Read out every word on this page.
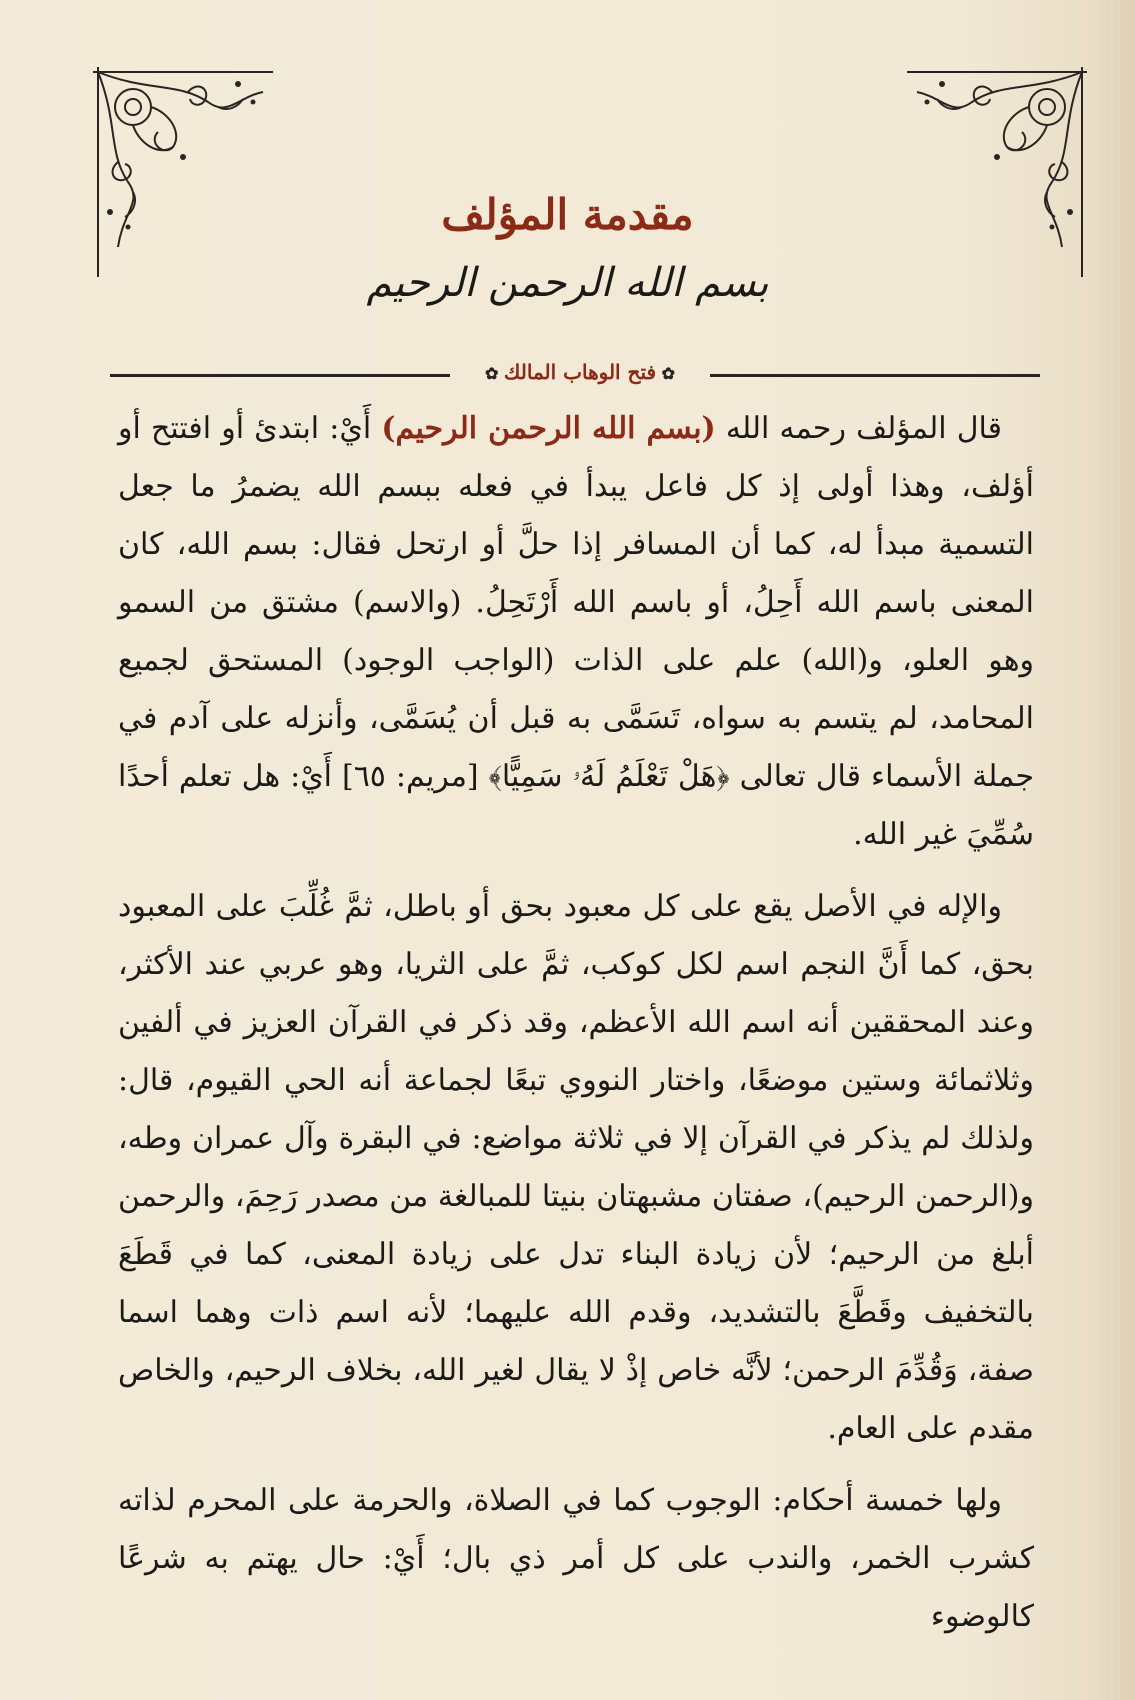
مقدمة المؤلف
بسم الله الرحمن الرحيم
✿ فتح الوهاب المالك ✿

قال المؤلف رحمه الله (بسم الله الرحمن الرحيم) أَيْ: ابتدئ أو افتتح أو أؤلف، وهذا أولى إذ كل فاعل يبدأ في فعله ببسم الله يضمرُ ما جعل التسمية مبدأ له، كما أن المسافر إذا حلَّ أو ارتحل فقال: بسم الله، كان المعنى باسم الله أَحِلُ، أو باسم الله أَرْتَحِلُ. (والاسم) مشتق من السمو وهو العلو، و(الله) علم على الذات (الواجب الوجود) المستحق لجميع المحامد، لم يتسم به سواه، تَسَمَّى به قبل أن يُسَمَّى، وأنزله على آدم في جملة الأسماء قال تعالى ﴿هَلْ تَعْلَمُ لَهُۥ سَمِيًّا﴾ [مريم: ٦٥] أَيْ: هل تعلم أحدًا سُمِّيَ غير الله.

والإله في الأصل يقع على كل معبود بحق أو باطل، ثمَّ غُلِّبَ على المعبود بحق، كما أَنَّ النجم اسم لكل كوكب، ثمَّ على الثريا، وهو عربي عند الأكثر، وعند المحققين أنه اسم الله الأعظم، وقد ذكر في القرآن العزيز في ألفين وثلاثمائة وستين موضعًا، واختار النووي تبعًا لجماعة أنه الحي القيوم، قال: ولذلك لم يذكر في القرآن إلا في ثلاثة مواضع: في البقرة وآل عمران وطه، و(الرحمن الرحيم)، صفتان مشبهتان بنيتا للمبالغة من مصدر رَحِمَ، والرحمن أبلغ من الرحيم؛ لأن زيادة البناء تدل على زيادة المعنى، كما في قَطَعَ بالتخفيف وقَطَّعَ بالتشديد، وقدم الله عليهما؛ لأنه اسم ذات وهما اسما صفة، وَقُدِّمَ الرحمن؛ لأنَّه خاص إذْ لا يقال لغير الله، بخلاف الرحيم، والخاص مقدم على العام.

ولها خمسة أحكام: الوجوب كما في الصلاة، والحرمة على المحرم لذاته كشرب الخمر، والندب على كل أمر ذي بال؛ أَيْ: حال يهتم به شرعًا كالوضوء
